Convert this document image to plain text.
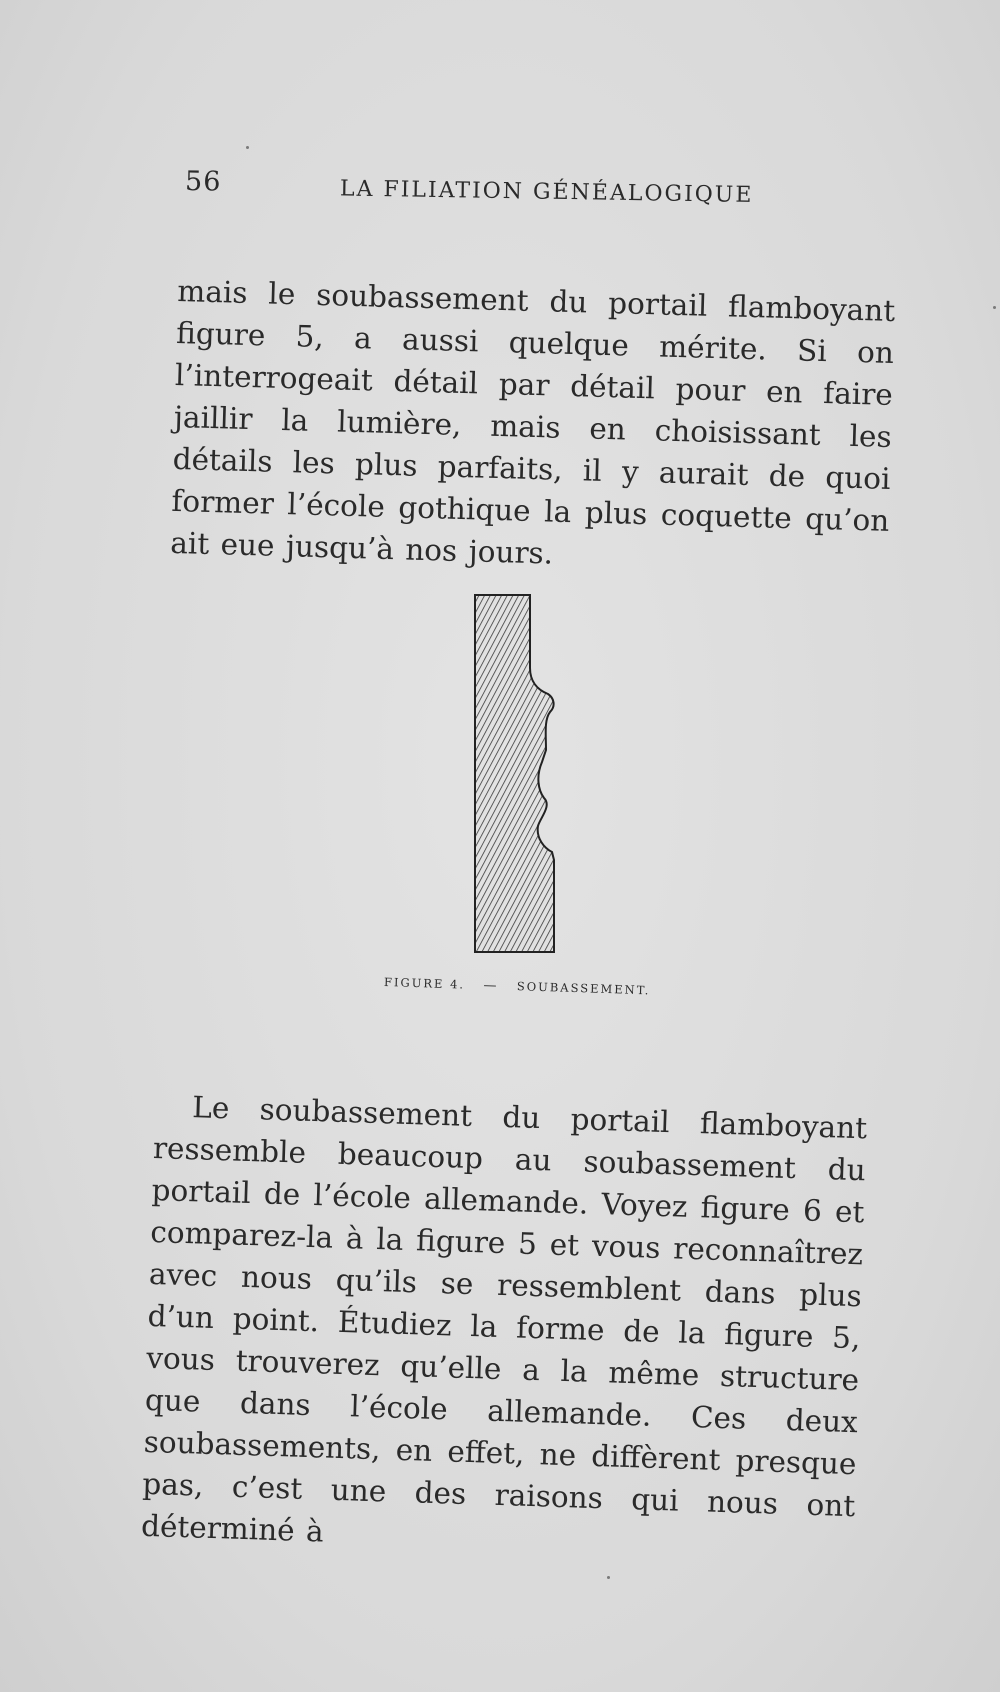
56	LA FILIATION GÉNÉALOGIQUE

mais le soubassement du portail flamboyant figure 5, a aussi quelque mérite. Si on l’interrogeait détail par détail pour en faire jaillir la lumière, mais en choisissant les détails les plus parfaits, il y aurait de quoi former l’école gothique la plus coquette qu’on ait eue jusqu’à nos jours.

FIGURE 4. — SOUBASSEMENT.

Le soubassement du portail flamboyant ressemble beaucoup au soubassement du portail de l’école allemande. Voyez figure 6 et comparez-la à la figure 5 et vous reconnaîtrez avec nous qu’ils se ressemblent dans plus d’un point. Étudiez la forme de la figure 5, vous trouverez qu’elle a la même structure que dans l’école allemande. Ces deux soubassements, en effet, ne diffèrent presque pas, c’est une des raisons qui nous ont déterminé à
